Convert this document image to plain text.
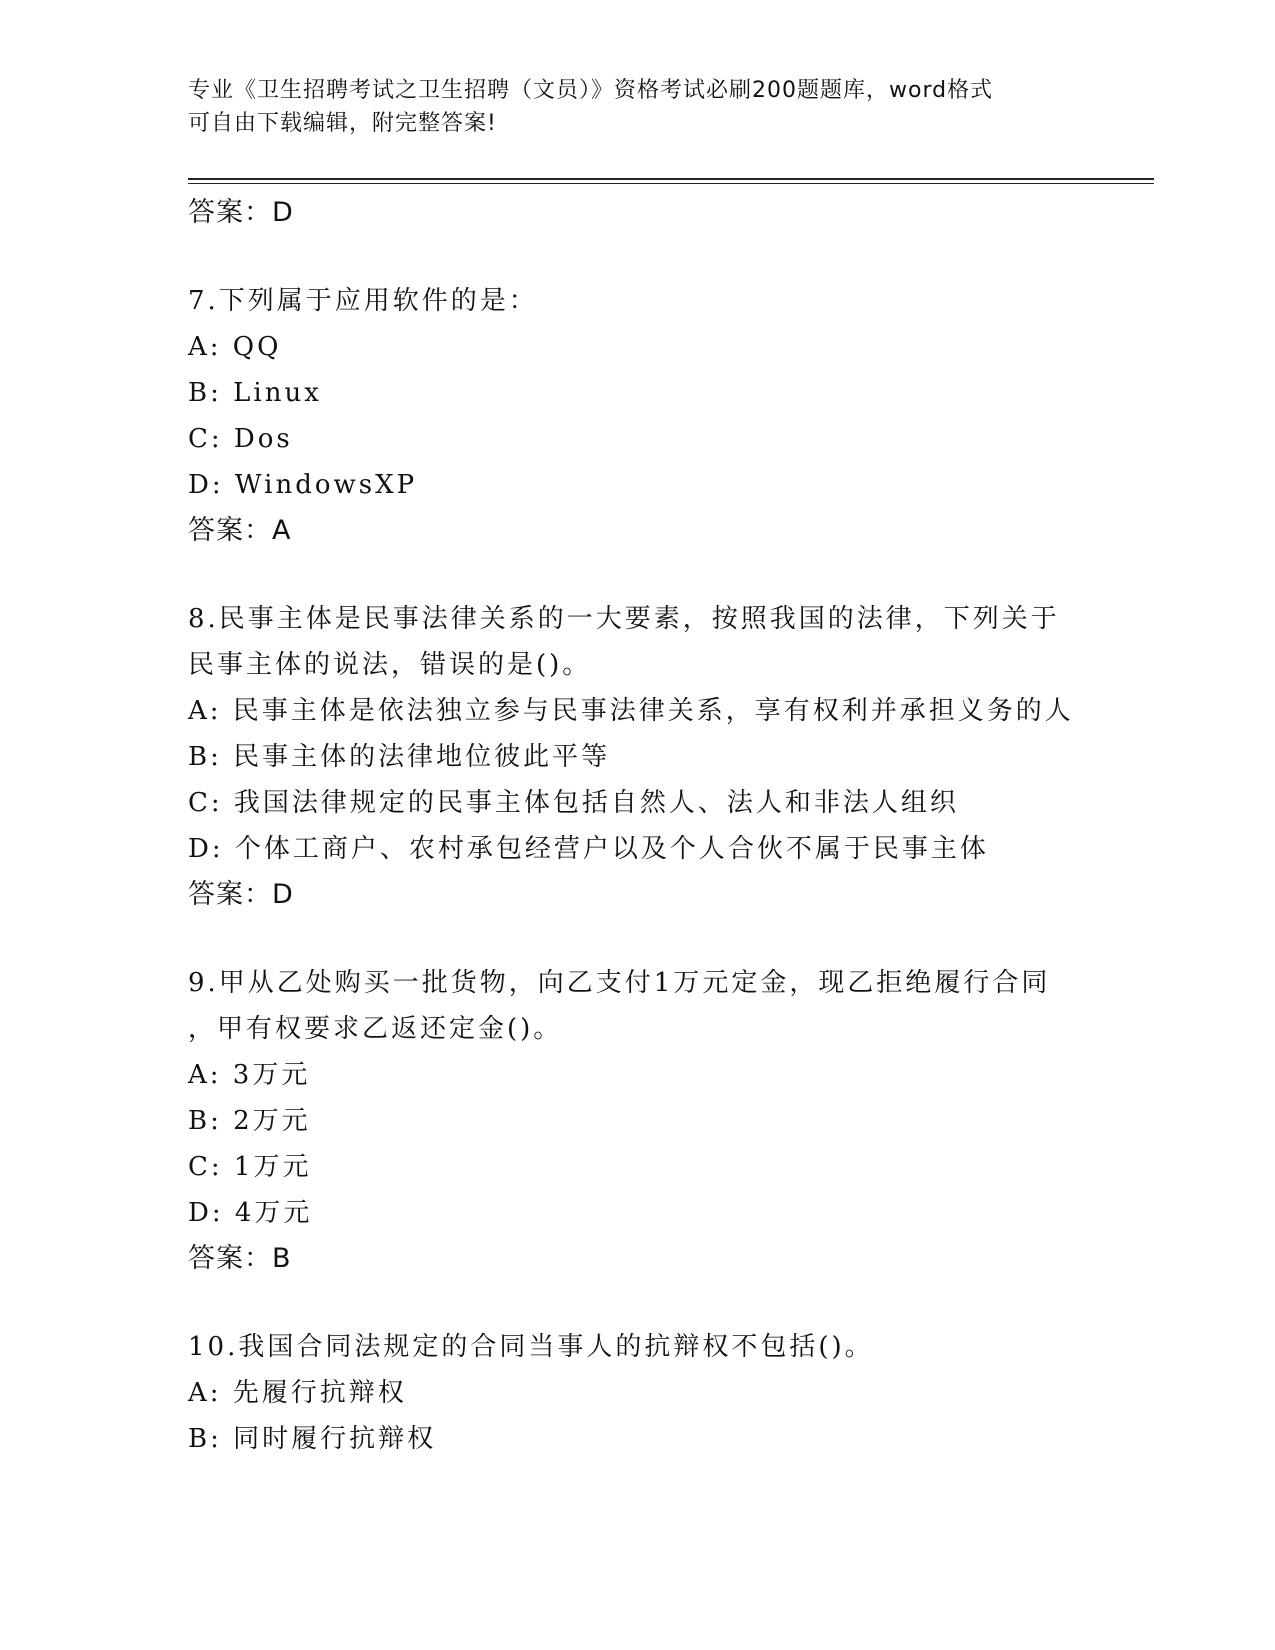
专业《卫生招聘考试之卫生招聘（文员）》资格考试必刷200题题库，word格式

可自由下载编辑，附完整答案!

答案：D
7.下列属于应用软件的是：
A: QQ
B: Linux
C: Dos
D: WindowsXP
答案：A
8.民事主体是民事法律关系的一大要素，按照我国的法律，下列关于
民事主体的说法，错误的是()。
A: 民事主体是依法独立参与民事法律关系，享有权利并承担义务的人
B: 民事主体的法律地位彼此平等
C: 我国法律规定的民事主体包括自然人、法人和非法人组织
D: 个体工商户、农村承包经营户以及个人合伙不属于民事主体
答案：D
9.甲从乙处购买一批货物，向乙支付1万元定金，现乙拒绝履行合同
，甲有权要求乙返还定金()。
A: 3万元
B: 2万元
C: 1万元
D: 4万元
答案：B
10.我国合同法规定的合同当事人的抗辩权不包括()。
A: 先履行抗辩权
B: 同时履行抗辩权
